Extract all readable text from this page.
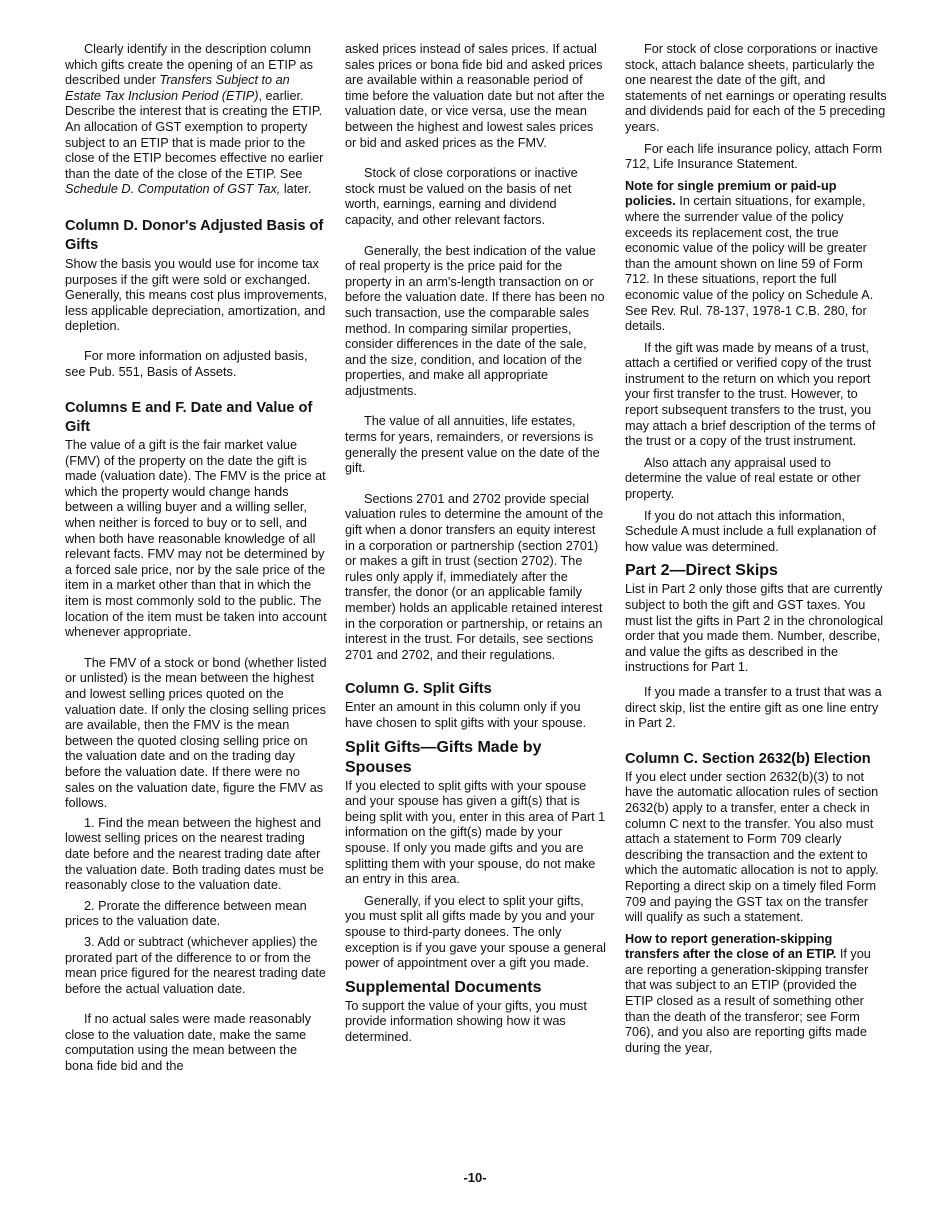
Clearly identify in the description column which gifts create the opening of an ETIP as described under Transfers Subject to an Estate Tax Inclusion Period (ETIP), earlier. Describe the interest that is creating the ETIP. An allocation of GST exemption to property subject to an ETIP that is made prior to the close of the ETIP becomes effective no earlier than the date of the close of the ETIP. See Schedule D. Computation of GST Tax, later.

Column D. Donor's Adjusted Basis of Gifts

Show the basis you would use for income tax purposes if the gift were sold or exchanged. Generally, this means cost plus improvements, less applicable depreciation, amortization, and depletion.

For more information on adjusted basis, see Pub. 551, Basis of Assets.

Columns E and F. Date and Value of Gift

The value of a gift is the fair market value (FMV) of the property on the date the gift is made (valuation date). The FMV is the price at which the property would change hands between a willing buyer and a willing seller, when neither is forced to buy or to sell, and when both have reasonable knowledge of all relevant facts. FMV may not be determined by a forced sale price, nor by the sale price of the item in a market other than that in which the item is most commonly sold to the public. The location of the item must be taken into account whenever appropriate.

The FMV of a stock or bond (whether listed or unlisted) is the mean between the highest and lowest selling prices quoted on the valuation date. If only the closing selling prices are available, then the FMV is the mean between the quoted closing selling price on the valuation date and on the trading day before the valuation date. If there were no sales on the valuation date, figure the FMV as follows.

1. Find the mean between the highest and lowest selling prices on the nearest trading date before and the nearest trading date after the valuation date. Both trading dates must be reasonably close to the valuation date.

2. Prorate the difference between mean prices to the valuation date.

3. Add or subtract (whichever applies) the prorated part of the difference to or from the mean price figured for the nearest trading date before the actual valuation date.

If no actual sales were made reasonably close to the valuation date, make the same computation using the mean between the bona fide bid and the

asked prices instead of sales prices. If actual sales prices or bona fide bid and asked prices are available within a reasonable period of time before the valuation date but not after the valuation date, or vice versa, use the mean between the highest and lowest sales prices or bid and asked prices as the FMV.

Stock of close corporations or inactive stock must be valued on the basis of net worth, earnings, earning and dividend capacity, and other relevant factors.

Generally, the best indication of the value of real property is the price paid for the property in an arm's-length transaction on or before the valuation date. If there has been no such transaction, use the comparable sales method. In comparing similar properties, consider differences in the date of the sale, and the size, condition, and location of the properties, and make all appropriate adjustments.

The value of all annuities, life estates, terms for years, remainders, or reversions is generally the present value on the date of the gift.

Sections 2701 and 2702 provide special valuation rules to determine the amount of the gift when a donor transfers an equity interest in a corporation or partnership (section 2701) or makes a gift in trust (section 2702). The rules only apply if, immediately after the transfer, the donor (or an applicable family member) holds an applicable retained interest in the corporation or partnership, or retains an interest in the trust. For details, see sections 2701 and 2702, and their regulations.

Column G. Split Gifts

Enter an amount in this column only if you have chosen to split gifts with your spouse.

Split Gifts—Gifts Made by Spouses

If you elected to split gifts with your spouse and your spouse has given a gift(s) that is being split with you, enter in this area of Part 1 information on the gift(s) made by your spouse. If only you made gifts and you are splitting them with your spouse, do not make an entry in this area.

Generally, if you elect to split your gifts, you must split all gifts made by you and your spouse to third-party donees. The only exception is if you gave your spouse a general power of appointment over a gift you made.

Supplemental Documents

To support the value of your gifts, you must provide information showing how it was determined.

For stock of close corporations or inactive stock, attach balance sheets, particularly the one nearest the date of the gift, and statements of net earnings or operating results and dividends paid for each of the 5 preceding years.

For each life insurance policy, attach Form 712, Life Insurance Statement.

Note for single premium or paid-up policies. In certain situations, for example, where the surrender value of the policy exceeds its replacement cost, the true economic value of the policy will be greater than the amount shown on line 59 of Form 712. In these situations, report the full economic value of the policy on Schedule A. See Rev. Rul. 78-137, 1978-1 C.B. 280, for details.

If the gift was made by means of a trust, attach a certified or verified copy of the trust instrument to the return on which you report your first transfer to the trust. However, to report subsequent transfers to the trust, you may attach a brief description of the terms of the trust or a copy of the trust instrument.

Also attach any appraisal used to determine the value of real estate or other property.

If you do not attach this information, Schedule A must include a full explanation of how value was determined.

Part 2—Direct Skips

List in Part 2 only those gifts that are currently subject to both the gift and GST taxes. You must list the gifts in Part 2 in the chronological order that you made them. Number, describe, and value the gifts as described in the instructions for Part 1.

If you made a transfer to a trust that was a direct skip, list the entire gift as one line entry in Part 2.

Column C. Section 2632(b) Election

If you elect under section 2632(b)(3) to not have the automatic allocation rules of section 2632(b) apply to a transfer, enter a check in column C next to the transfer. You also must attach a statement to Form 709 clearly describing the transaction and the extent to which the automatic allocation is not to apply. Reporting a direct skip on a timely filed Form 709 and paying the GST tax on the transfer will qualify as such a statement.

How to report generation-skipping transfers after the close of an ETIP. If you are reporting a generation-skipping transfer that was subject to an ETIP (provided the ETIP closed as a result of something other than the death of the transferor; see Form 706), and you also are reporting gifts made during the year,

-10-
